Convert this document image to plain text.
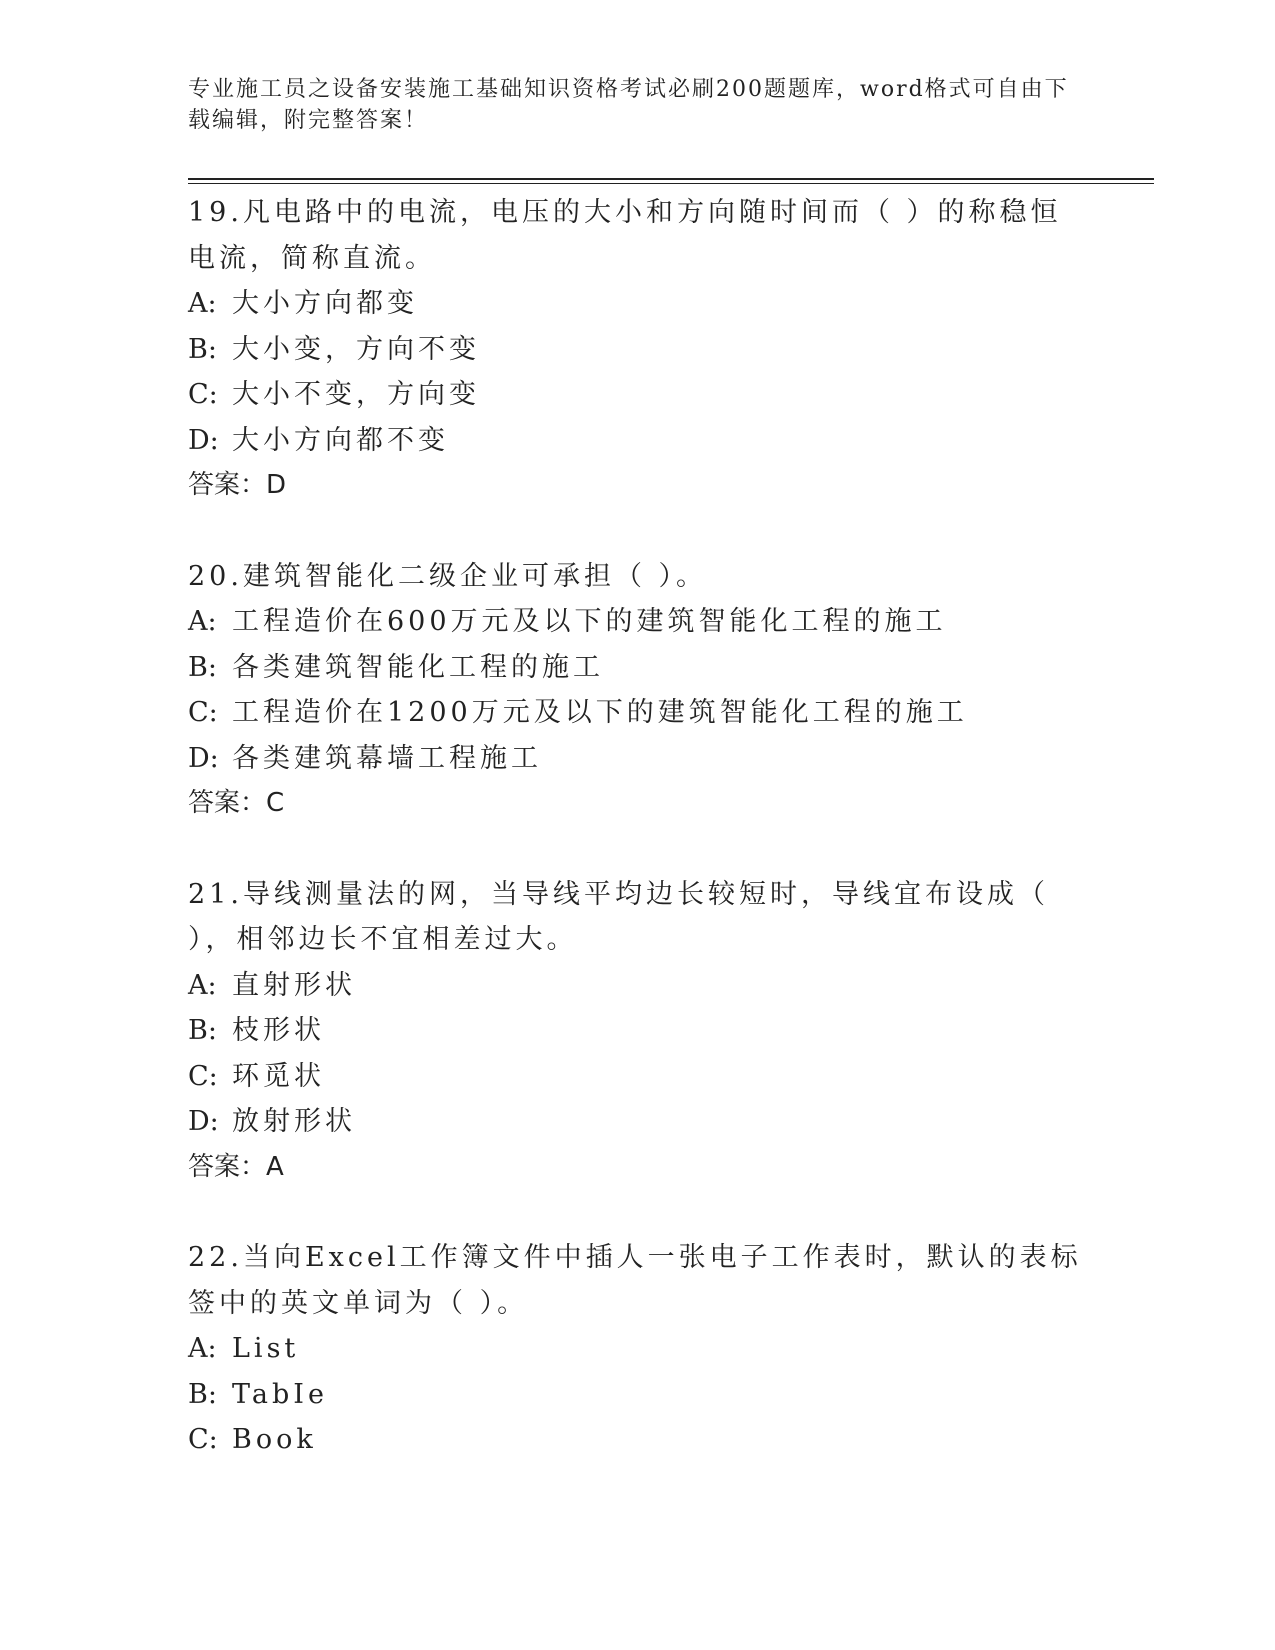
专业施工员之设备安装施工基础知识资格考试必刷200题题库，word格式可自由下载编辑，附完整答案！

19.凡电路中的电流，电压的大小和方向随时间而（ ）的称稳恒电流，简称直流。

A: 大小方向都变

B: 大小变，方向不变

C: 大小不变，方向变

D: 大小方向都不变

答案：D

20.建筑智能化二级企业可承担（ ）。

A: 工程造价在600万元及以下的建筑智能化工程的施工

B: 各类建筑智能化工程的施工

C: 工程造价在1200万元及以下的建筑智能化工程的施工

D: 各类建筑幕墙工程施工

答案：C

21.导线测量法的网，当导线平均边长较短时，导线宜布设成（ ），相邻边长不宜相差过大。

A: 直射形状

B: 枝形状

C: 环觅状

D: 放射形状

答案：A

22.当向Excel工作簿文件中插人一张电子工作表时，默认的表标签中的英文单词为（ ）。

A: List

B: TabIe

C: Book
